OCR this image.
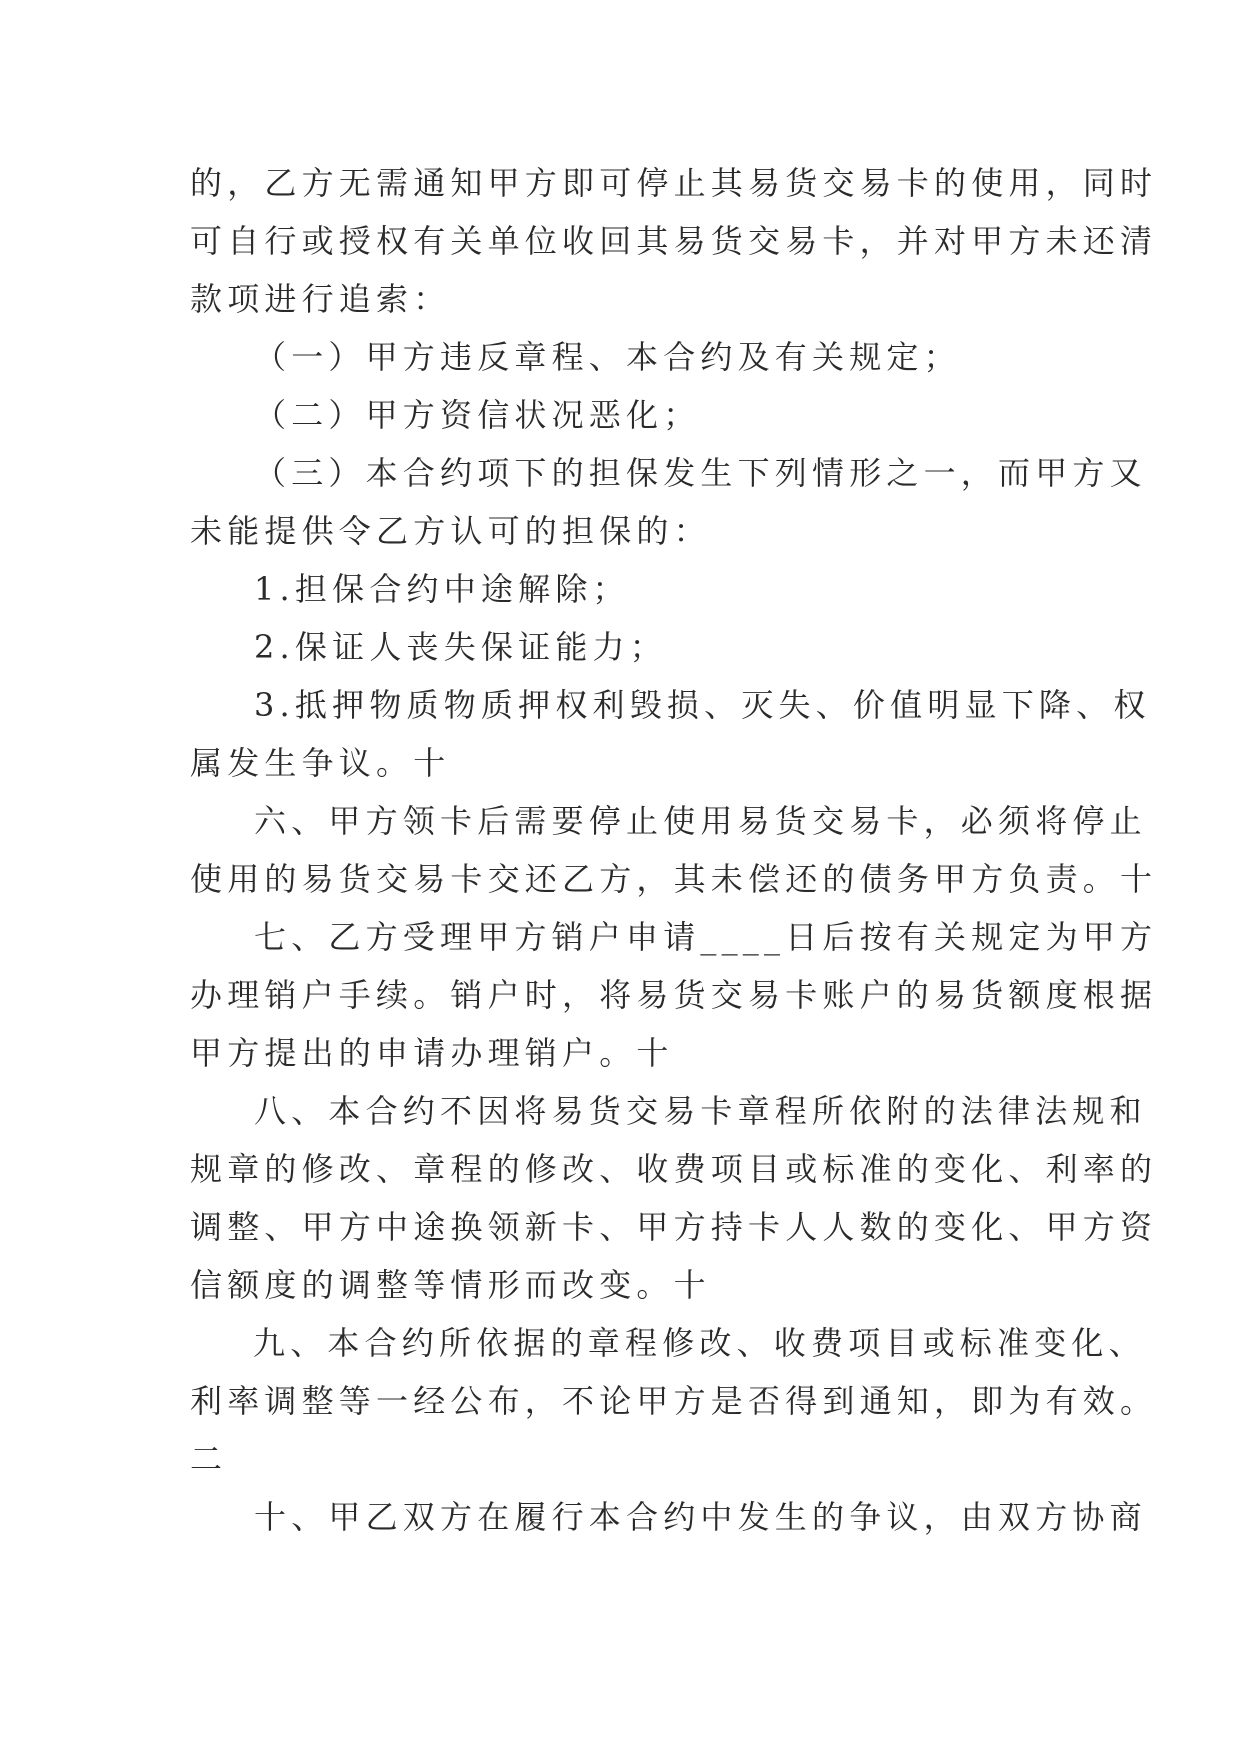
的，乙方无需通知甲方即可停止其易货交易卡的使用，同时
可自行或授权有关单位收回其易货交易卡，并对甲方未还清
款项进行追索：
（一）甲方违反章程、本合约及有关规定；
（二）甲方资信状况恶化；
（三）本合约项下的担保发生下列情形之一，而甲方又
未能提供令乙方认可的担保的：
1.担保合约中途解除；
2.保证人丧失保证能力；
3.抵押物质物质押权利毁损、灭失、价值明显下降、权
属发生争议。十
六、甲方领卡后需要停止使用易货交易卡，必须将停止
使用的易货交易卡交还乙方，其未偿还的债务甲方负责。十
七、乙方受理甲方销户申请____日后按有关规定为甲方
办理销户手续。销户时，将易货交易卡账户的易货额度根据
甲方提出的申请办理销户。十
八、本合约不因将易货交易卡章程所依附的法律法规和
规章的修改、章程的修改、收费项目或标准的变化、利率的
调整、甲方中途换领新卡、甲方持卡人人数的变化、甲方资
信额度的调整等情形而改变。十
九、本合约所依据的章程修改、收费项目或标准变化、
利率调整等一经公布，不论甲方是否得到通知，即为有效。
二
十、甲乙双方在履行本合约中发生的争议，由双方协商
